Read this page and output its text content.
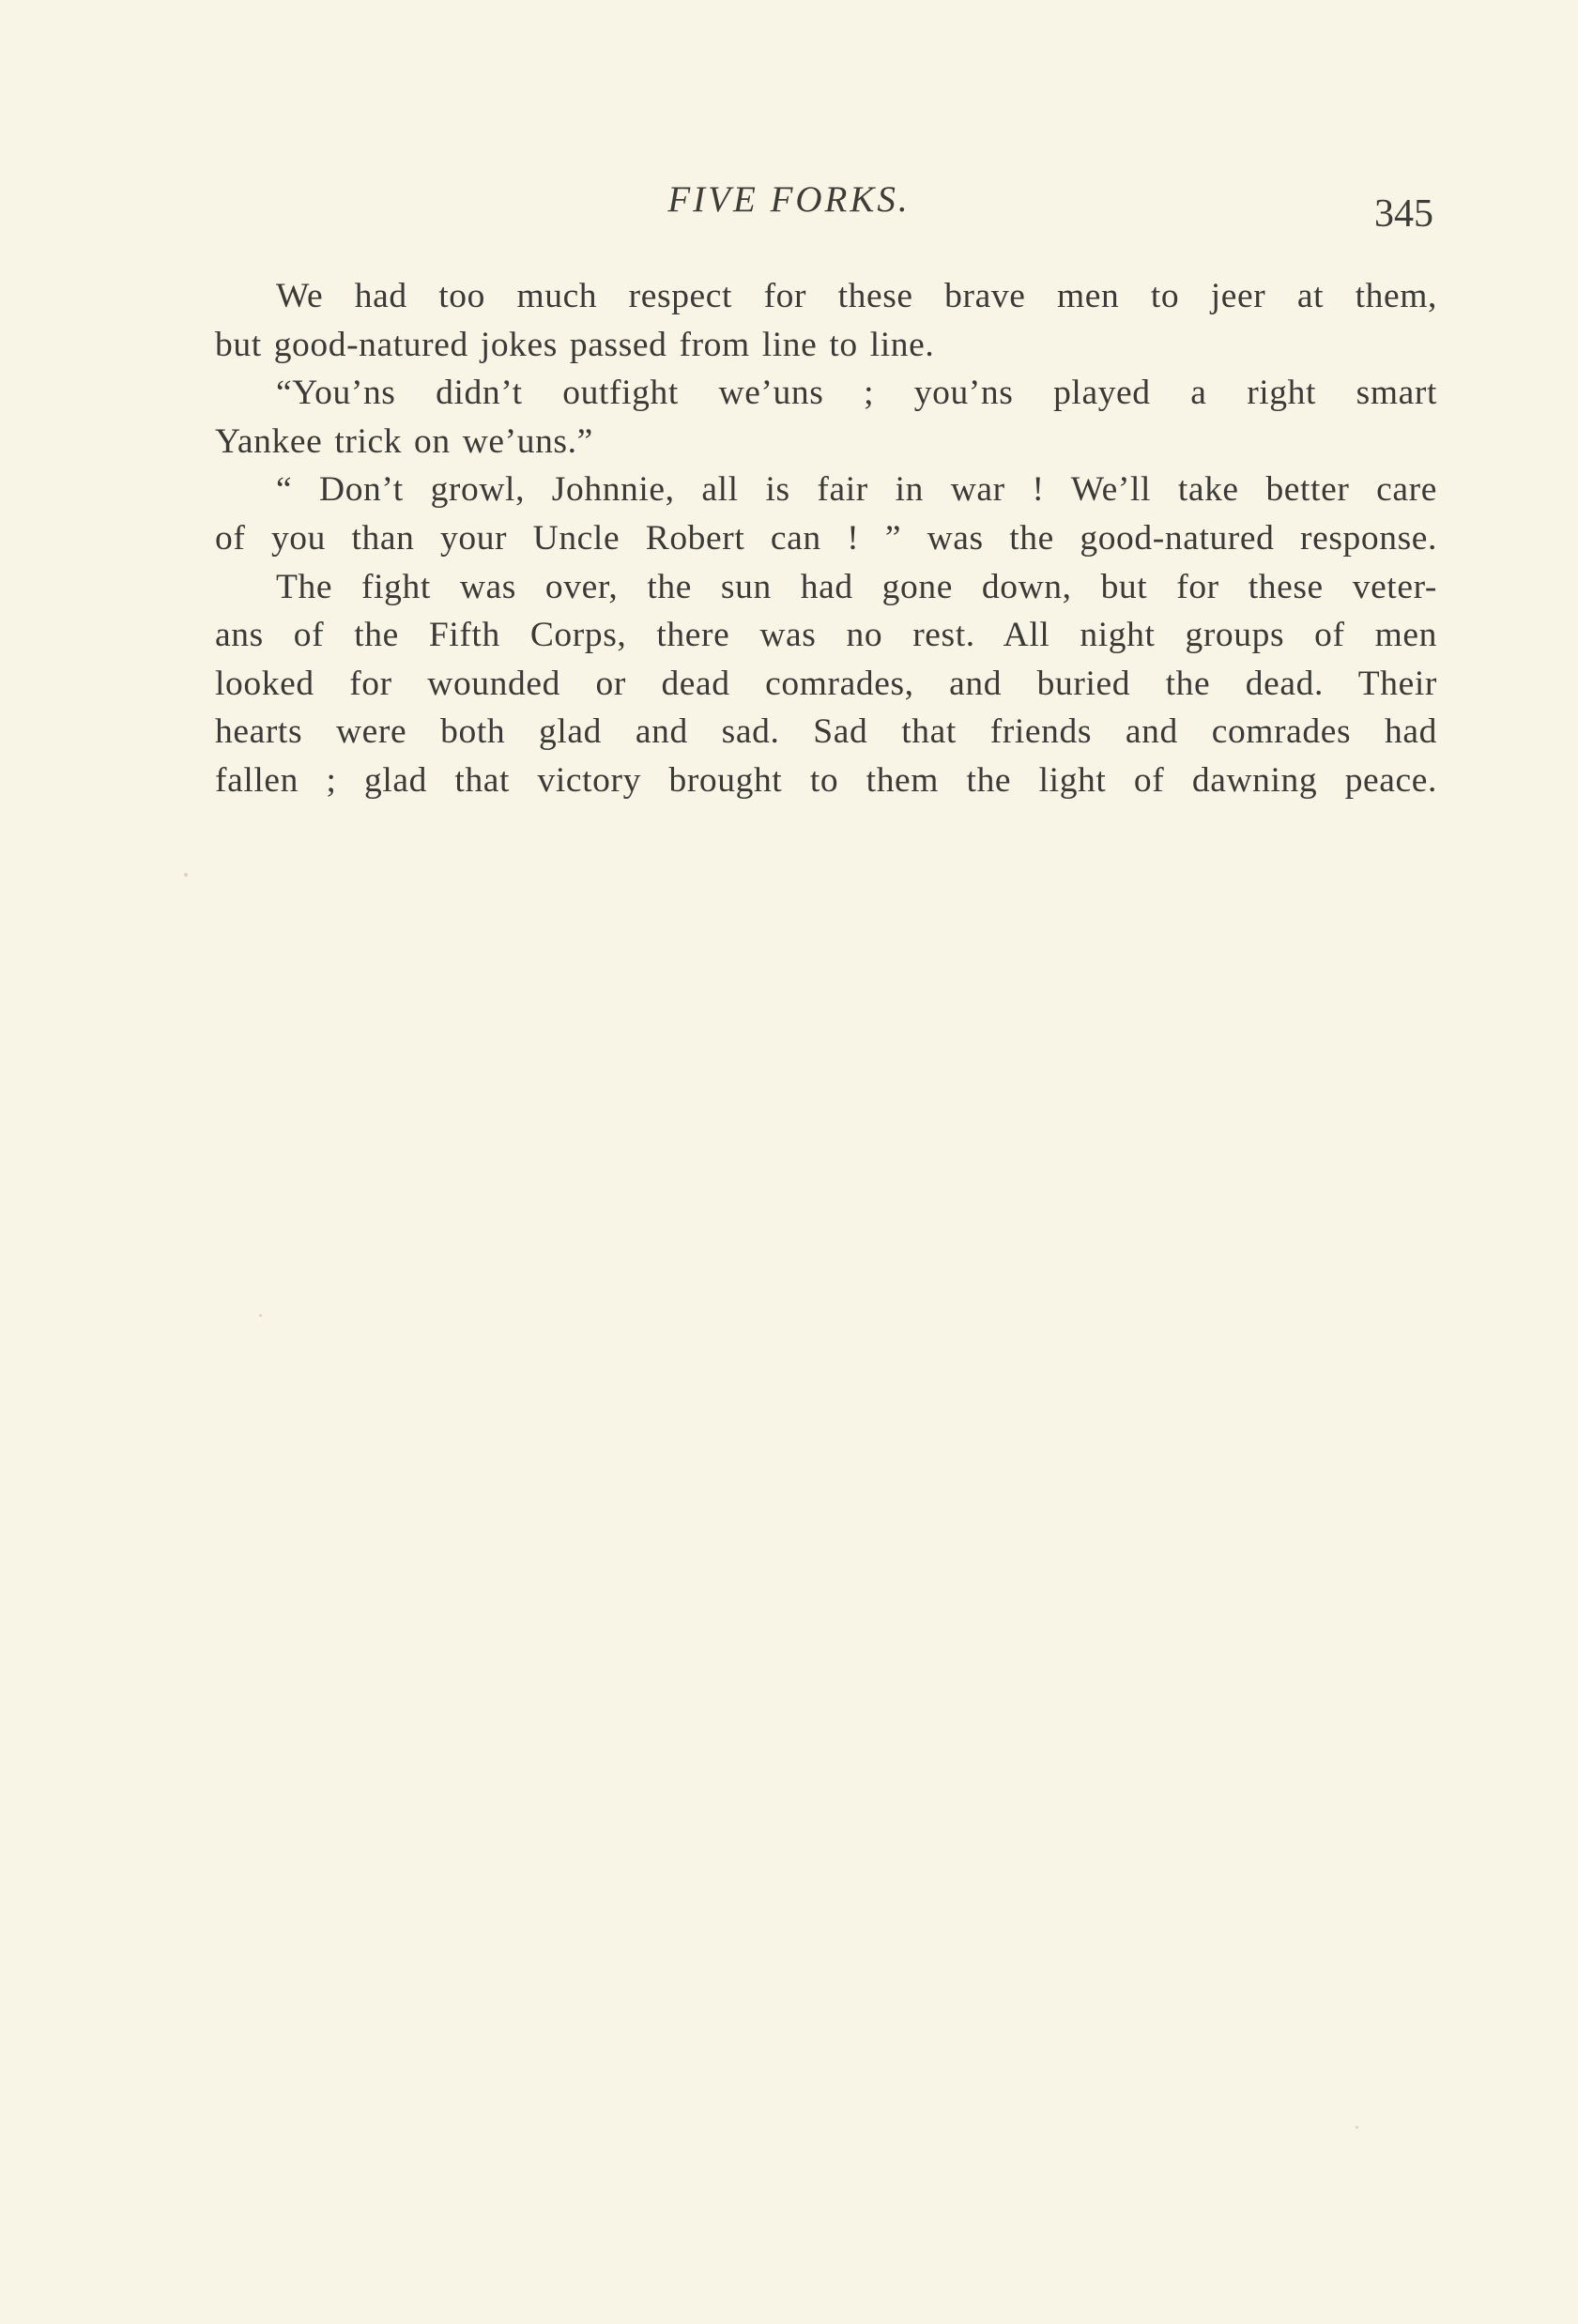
FIVE FORKS.	345
We had too much respect for these brave men to jeer at them,
but good-natured jokes passed from line to line.
“You’ns didn’t outfight we’uns ; you’ns played a right smart
Yankee trick on we’uns.”
“ Don’t growl, Johnnie, all is fair in war ! We’ll take better care
of you than your Uncle Robert can ! ” was the good-natured response.
The fight was over, the sun had gone down, but for these veter-
ans of the Fifth Corps, there was no rest. All night groups of men
looked for wounded or dead comrades, and buried the dead. Their
hearts were both glad and sad. Sad that friends and comrades had
fallen ; glad that victory brought to them the light of dawning peace.
